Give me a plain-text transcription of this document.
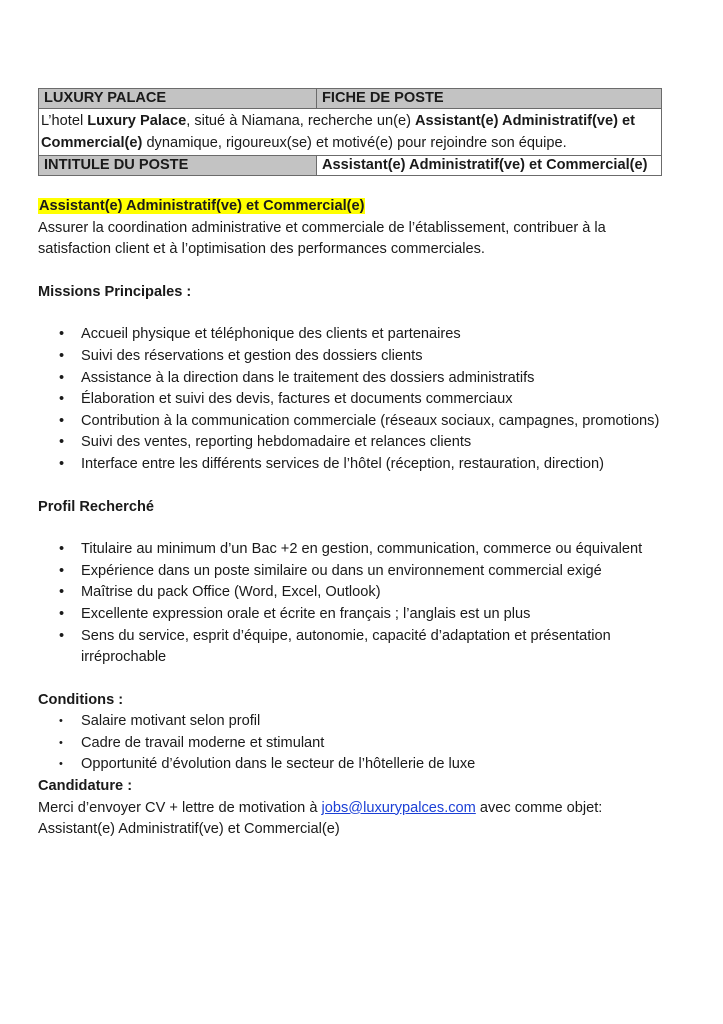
LUXURY PALACE	FICHE DE POSTE
L’hotel Luxury Palace, situé à Niamana, recherche un(e) Assistant(e) Administratif(ve) et Commercial(e) dynamique, rigoureux(se) et motivé(e) pour rejoindre son équipe.	
INTITULE DU POSTE	Assistant(e) Administratif(ve) et Commercial(e)

Assistant(e) Administratif(ve) et Commercial(e)

Assurer la coordination administrative et commerciale de l’établissement, contribuer à la satisfaction client et à l’optimisation des performances commerciales.

Missions Principales :

• Accueil physique et téléphonique des clients et partenaires
• Suivi des réservations et gestion des dossiers clients
• Assistance à la direction dans le traitement des dossiers administratifs
• Élaboration et suivi des devis, factures et documents commerciaux
• Contribution à la communication commerciale (réseaux sociaux, campagnes, promotions)
• Suivi des ventes, reporting hebdomadaire et relances clients
• Interface entre les différents services de l’hôtel (réception, restauration, direction)

Profil Recherché

• Titulaire au minimum d’un Bac +2 en gestion, communication, commerce ou équivalent
• Expérience dans un poste similaire ou dans un environnement commercial exigé
• Maîtrise du pack Office (Word, Excel, Outlook)
• Excellente expression orale et écrite en français ; l’anglais est un plus
• Sens du service, esprit d’équipe, autonomie, capacité d’adaptation et présentation irréprochable

Conditions :

• Salaire motivant selon profil
• Cadre de travail moderne et stimulant
• Opportunité d’évolution dans le secteur de l’hôtellerie de luxe

Candidature :

Merci d’envoyer CV + lettre de motivation à jobs@luxurypalces.com avec comme objet: Assistant(e) Administratif(ve) et Commercial(e)
